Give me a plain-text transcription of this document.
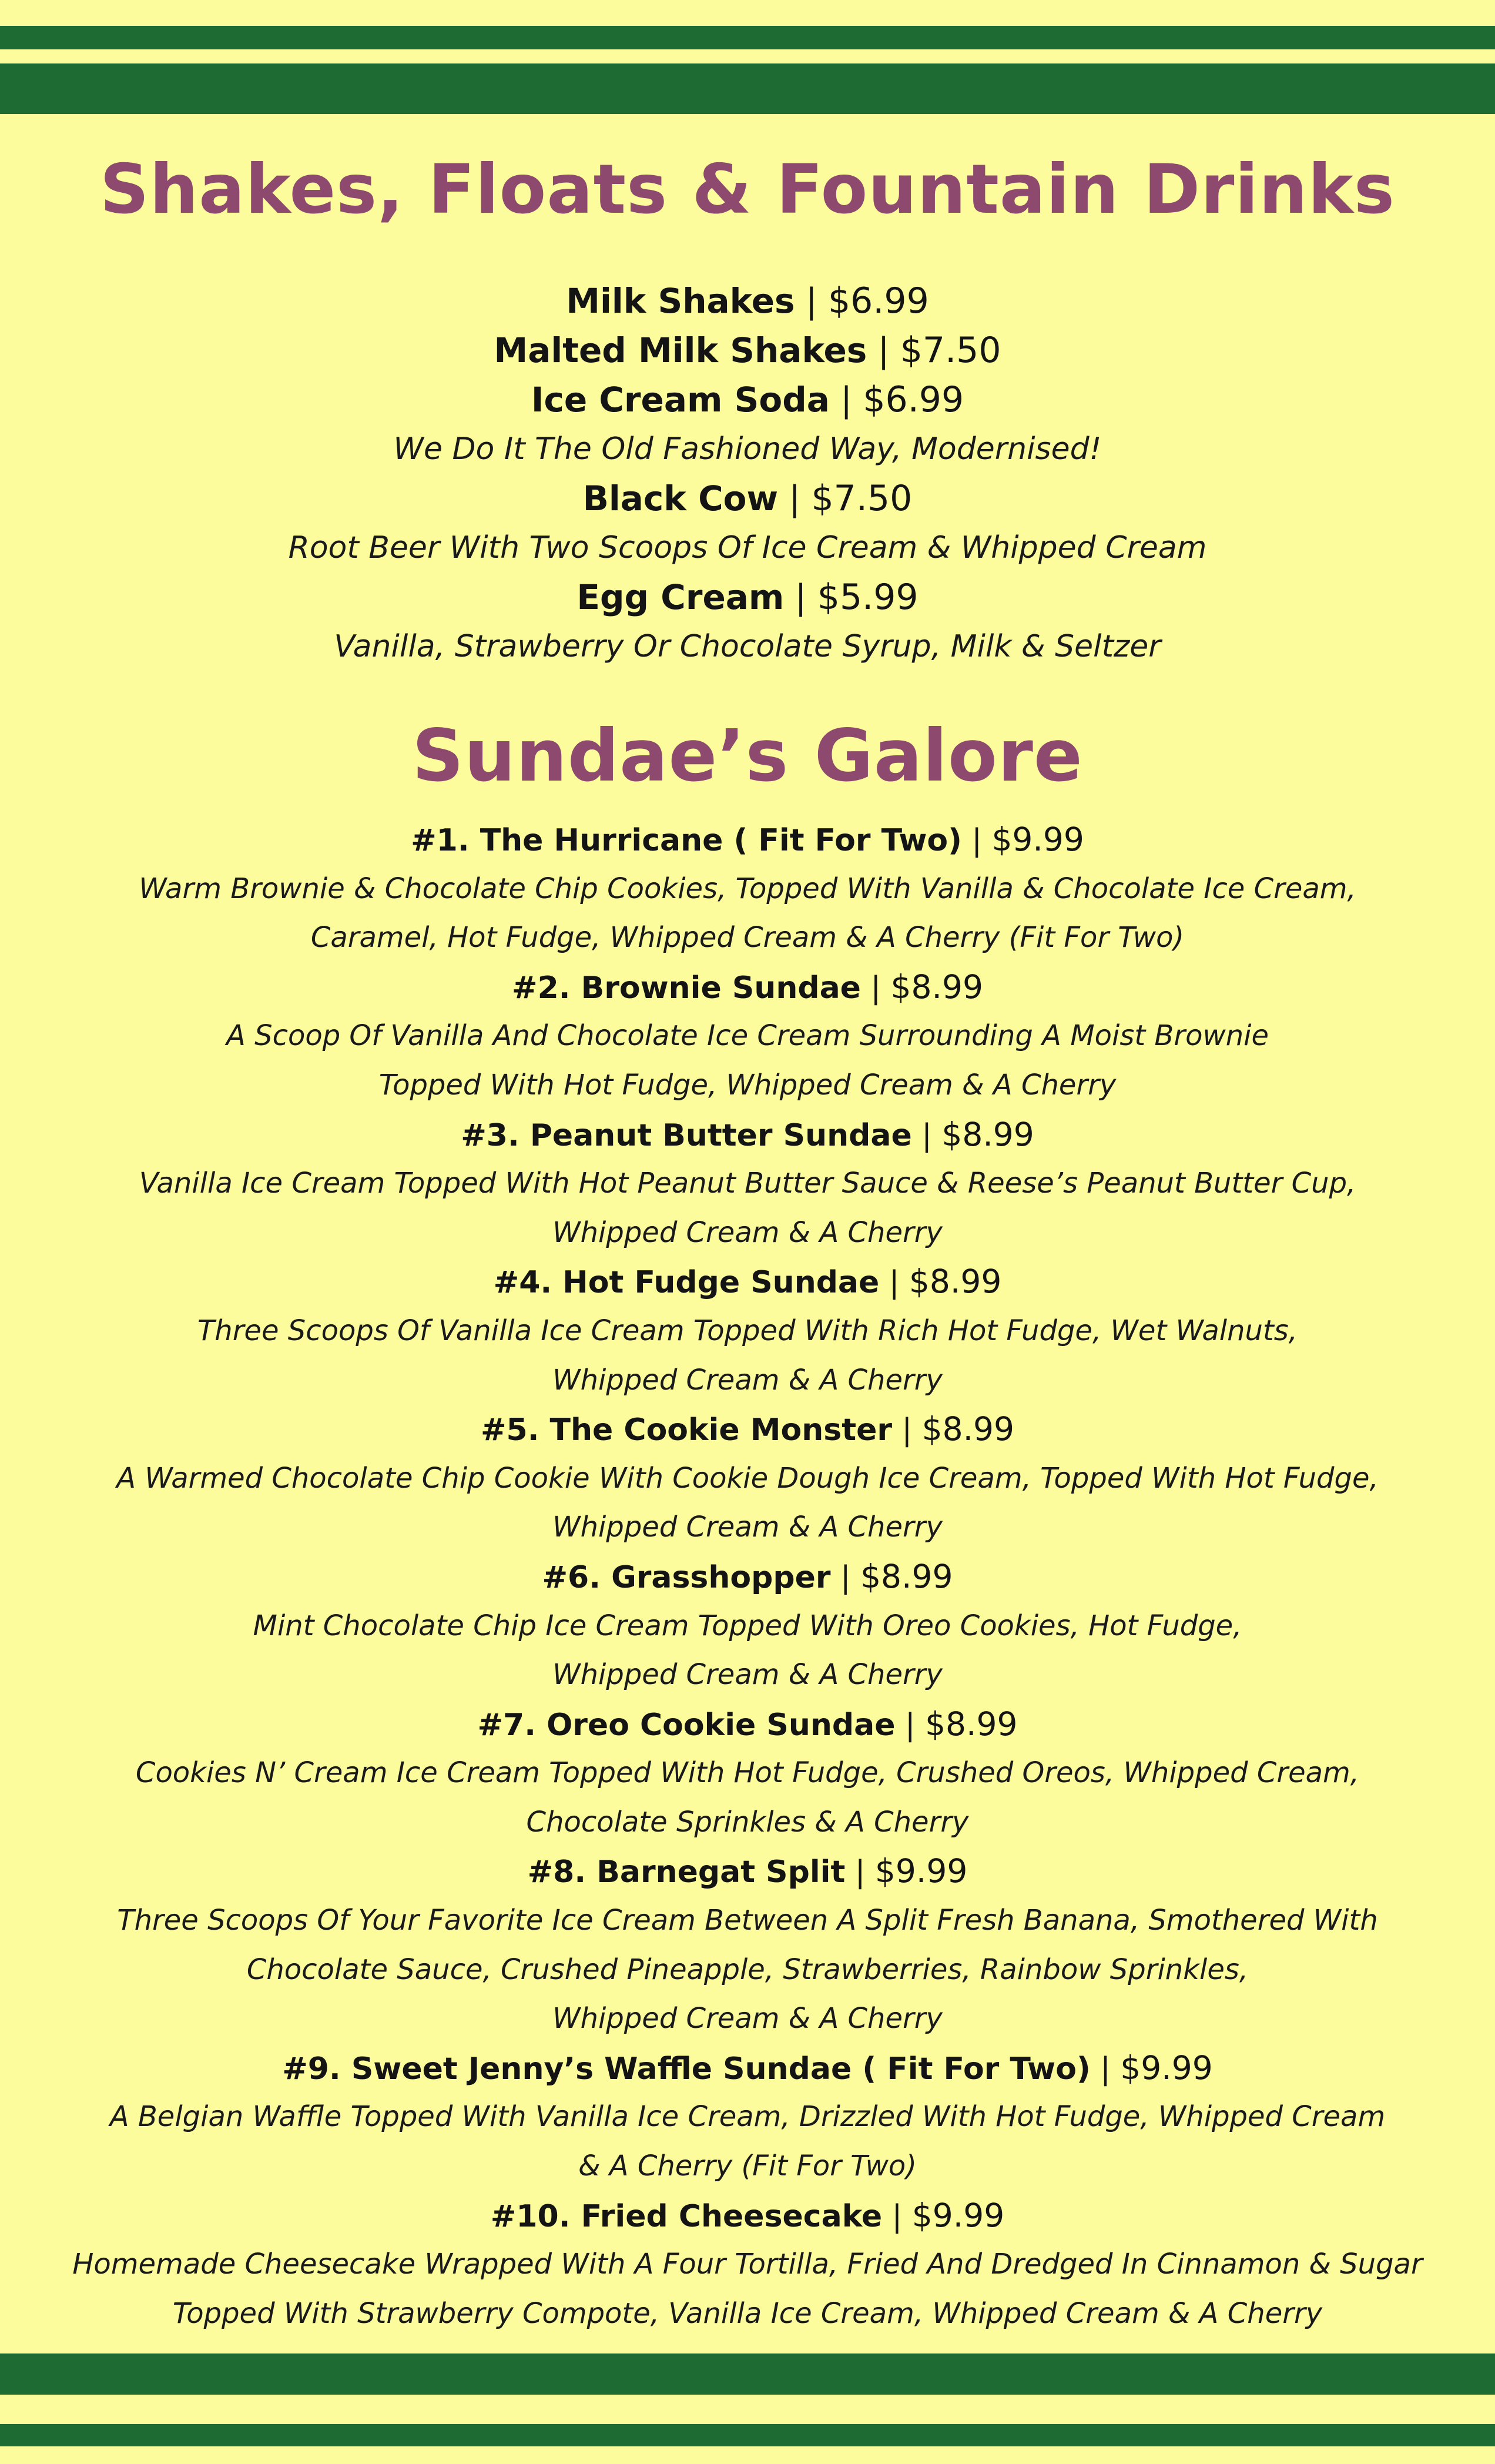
Shakes, Floats & Fountain Drinks
Milk Shakes | $6.99
Malted Milk Shakes | $7.50
Ice Cream Soda | $6.99
We Do It The Old Fashioned Way, Modernised!
Black Cow | $7.50
Root Beer With Two Scoops Of Ice Cream & Whipped Cream
Egg Cream | $5.99
Vanilla, Strawberry Or Chocolate Syrup, Milk & Seltzer
Sundae’s Galore
#1. The Hurricane ( Fit For Two) | $9.99
Warm Brownie & Chocolate Chip Cookies, Topped With Vanilla & Chocolate Ice Cream,
Caramel, Hot Fudge, Whipped Cream & A Cherry (Fit For Two)
#2. Brownie Sundae | $8.99
A Scoop Of Vanilla And Chocolate Ice Cream Surrounding A Moist Brownie
Topped With Hot Fudge, Whipped Cream & A Cherry
#3. Peanut Butter Sundae | $8.99
Vanilla Ice Cream Topped With Hot Peanut Butter Sauce & Reese’s Peanut Butter Cup,
Whipped Cream & A Cherry
#4. Hot Fudge Sundae | $8.99
Three Scoops Of Vanilla Ice Cream Topped With Rich Hot Fudge, Wet Walnuts,
Whipped Cream & A Cherry
#5. The Cookie Monster | $8.99
A Warmed Chocolate Chip Cookie With Cookie Dough Ice Cream, Topped With Hot Fudge,
Whipped Cream & A Cherry
#6. Grasshopper | $8.99
Mint Chocolate Chip Ice Cream Topped With Oreo Cookies, Hot Fudge,
Whipped Cream & A Cherry
#7. Oreo Cookie Sundae | $8.99
Cookies N’ Cream Ice Cream Topped With Hot Fudge, Crushed Oreos, Whipped Cream,
Chocolate Sprinkles & A Cherry
#8. Barnegat Split | $9.99
Three Scoops Of Your Favorite Ice Cream Between A Split Fresh Banana, Smothered With
Chocolate Sauce, Crushed Pineapple, Strawberries, Rainbow Sprinkles,
Whipped Cream & A Cherry
#9. Sweet Jenny’s Waffle Sundae ( Fit For Two) | $9.99
A Belgian Waffle Topped With Vanilla Ice Cream, Drizzled With Hot Fudge, Whipped Cream
& A Cherry (Fit For Two)
#10. Fried Cheesecake | $9.99
Homemade Cheesecake Wrapped With A Four Tortilla, Fried And Dredged In Cinnamon & Sugar
Topped With Strawberry Compote, Vanilla Ice Cream, Whipped Cream & A Cherry
